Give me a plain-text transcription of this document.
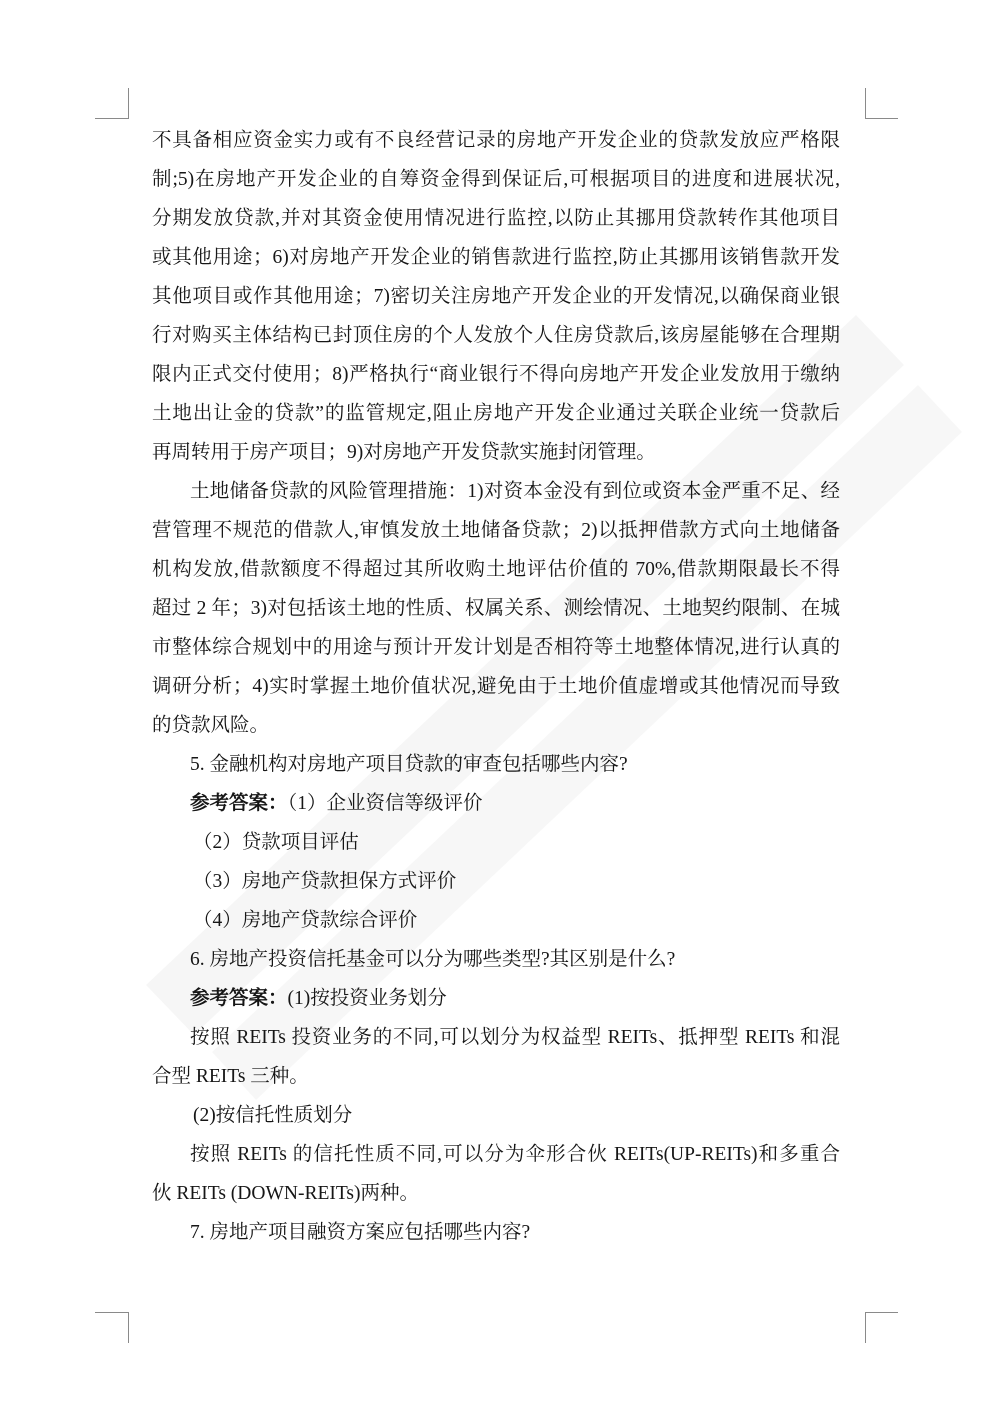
不具备相应资金实力或有不良经营记录的房地产开发企业的贷款发放应严格限
制;5)在房地产开发企业的自筹资金得到保证后,可根据项目的进度和进展状况,
分期发放贷款,并对其资金使用情况进行监控,以防止其挪用贷款转作其他项目
或其他用途；6)对房地产开发企业的销售款进行监控,防止其挪用该销售款开发
其他项目或作其他用途；7)密切关注房地产开发企业的开发情况,以确保商业银
行对购买主体结构已封顶住房的个人发放个人住房贷款后,该房屋能够在合理期
限内正式交付使用；8)严格执行“商业银行不得向房地产开发企业发放用于缴纳
土地出让金的贷款”的监管规定,阻止房地产开发企业通过关联企业统一贷款后
再周转用于房产项目；9)对房地产开发贷款实施封闭管理。
土地储备贷款的风险管理措施：1)对资本金没有到位或资本金严重不足、经
营管理不规范的借款人,审慎发放土地储备贷款；2)以抵押借款方式向土地储备
机构发放,借款额度不得超过其所收购土地评估价值的 70%,借款期限最长不得
超过 2 年；3)对包括该土地的性质、权属关系、测绘情况、土地契约限制、在城
市整体综合规划中的用途与预计开发计划是否相符等土地整体情况,进行认真的
调研分析；4)实时掌握土地价值状况,避免由于土地价值虚增或其他情况而导致
的贷款风险。
5. 金融机构对房地产项目贷款的审查包括哪些内容?
参考答案：（1）企业资信等级评价
（2）贷款项目评估
（3）房地产贷款担保方式评价
（4）房地产贷款综合评价
6. 房地产投资信托基金可以分为哪些类型?其区别是什么?
参考答案：(1)按投资业务划分
按照 REITs 投资业务的不同,可以划分为权益型 REITs、抵押型 REITs 和混
合型 REITs 三种。
(2)按信托性质划分
按照 REITs 的信托性质不同,可以分为伞形合伙 REITs(UP-REITs)和多重合
伙 REITs (DOWN-REITs)两种。
7. 房地产项目融资方案应包括哪些内容?
